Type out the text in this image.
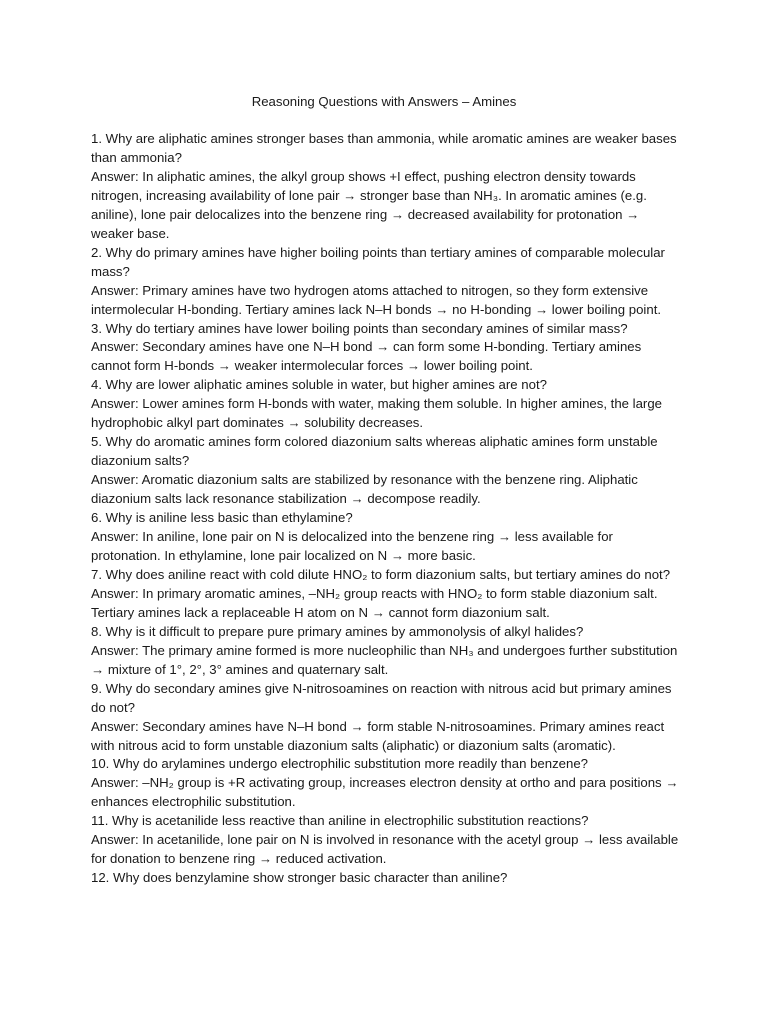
Reasoning Questions with Answers – Amines

1. Why are aliphatic amines stronger bases than ammonia, while aromatic amines are weaker bases than ammonia?

Answer: In aliphatic amines, the alkyl group shows +I effect, pushing electron density towards nitrogen, increasing availability of lone pair → stronger base than NH₃. In aromatic amines (e.g. aniline), lone pair delocalizes into the benzene ring → decreased availability for protonation → weaker base.

2. Why do primary amines have higher boiling points than tertiary amines of comparable molecular mass?

Answer: Primary amines have two hydrogen atoms attached to nitrogen, so they form extensive intermolecular H-bonding. Tertiary amines lack N–H bonds → no H-bonding → lower boiling point.

3. Why do tertiary amines have lower boiling points than secondary amines of similar mass?

Answer: Secondary amines have one N–H bond → can form some H-bonding. Tertiary amines cannot form H-bonds → weaker intermolecular forces → lower boiling point.

4. Why are lower aliphatic amines soluble in water, but higher amines are not?

Answer: Lower amines form H-bonds with water, making them soluble. In higher amines, the large hydrophobic alkyl part dominates → solubility decreases.

5. Why do aromatic amines form colored diazonium salts whereas aliphatic amines form unstable diazonium salts?

Answer: Aromatic diazonium salts are stabilized by resonance with the benzene ring. Aliphatic diazonium salts lack resonance stabilization → decompose readily.

6. Why is aniline less basic than ethylamine?

Answer: In aniline, lone pair on N is delocalized into the benzene ring → less available for protonation. In ethylamine, lone pair localized on N → more basic.

7. Why does aniline react with cold dilute HNO₂ to form diazonium salts, but tertiary amines do not?

Answer: In primary aromatic amines, –NH₂ group reacts with HNO₂ to form stable diazonium salt. Tertiary amines lack a replaceable H atom on N → cannot form diazonium salt.

8. Why is it difficult to prepare pure primary amines by ammonolysis of alkyl halides?

Answer: The primary amine formed is more nucleophilic than NH₃ and undergoes further substitution → mixture of 1°, 2°, 3° amines and quaternary salt.

9. Why do secondary amines give N-nitrosoamines on reaction with nitrous acid but primary amines do not?

Answer: Secondary amines have N–H bond → form stable N-nitrosoamines. Primary amines react with nitrous acid to form unstable diazonium salts (aliphatic) or diazonium salts (aromatic).

10. Why do arylamines undergo electrophilic substitution more readily than benzene?

Answer: –NH₂ group is +R activating group, increases electron density at ortho and para positions → enhances electrophilic substitution.

11. Why is acetanilide less reactive than aniline in electrophilic substitution reactions?

Answer: In acetanilide, lone pair on N is involved in resonance with the acetyl group → less available for donation to benzene ring → reduced activation.

12. Why does benzylamine show stronger basic character than aniline?
